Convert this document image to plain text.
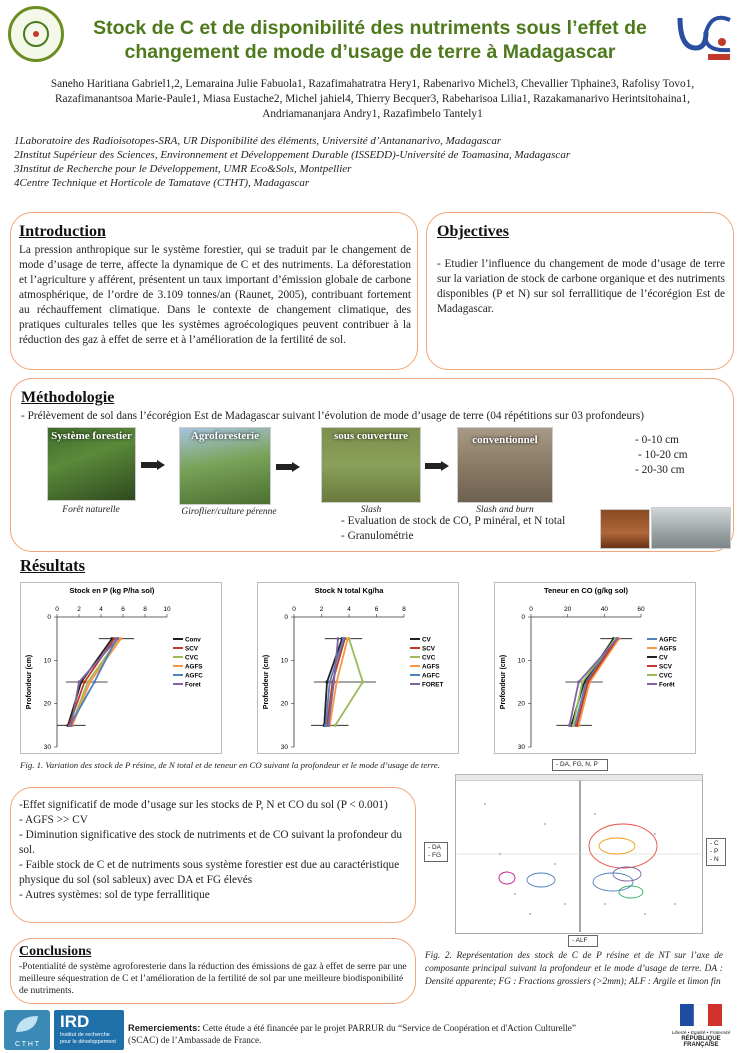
Stock de C et de disponibilité des nutriments sous l’effet de
changement de mode d’usage de terre à Madagascar
Saneho Haritiana Gabriel1,2, Lemaraina Julie Fabuola1, Razafimahatratra Hery1, Rabenarivo Michel3, Chevallier Tiphaine3, Rafolisy Tovo1,
Razafimanantsoa Marie-Paule1, Miasa Eustache2, Michel jahiel4, Thierry Becquer3, Rabeharisoa Lilia1, Razakamanarivo Herintsitohaina1,
Andriamananjara Andry1, Razafimbelo Tantely1
1Laboratoire des Radioisotopes-SRA, UR Disponibilité des éléments, Université d’Antananarivo, Madagascar
2Institut Supérieur des Sciences, Environnement et Développement Durable (ISSEDD)-Université de Toamasina, Madagascar
3Institut de Recherche pour le Développement, UMR Eco&Sols, Montpellier
4Centre Technique et Horticole de Tamatave (CTHT), Madagascar
Introduction
La pression anthropique sur le système forestier, qui se traduit par le changement de mode d’usage de terre, affecte la dynamique de C et des nutriments. La déforestation et l’agriculture y afférent, présentent un taux important d’émission globale de carbone atmosphérique, de l’ordre de 3.109 tonnes/an (Raunet, 2005), contribuant fortement au réchauffement climatique. Dans le contexte de changement climatique, des pratiques culturales telles que les systèmes agroécologiques peuvent contribuer à la réduction des gaz à effet de serre et à l’amélioration de la fertilité de sol.
Objectives
- Etudier l’influence du changement de mode d’usage de terre sur la variation de stock de carbone organique et des nutriments disponibles (P et N) sur sol ferrallitique de l’écorégion Est de Madagascar.
Méthodologie
- Prélèvement de sol dans l’écorégion Est de Madagascar suivant l’évolution de mode d’usage de terre (04 répétitions sur 03 profondeurs)
Système forestier
Forêt naturelle
Agroforesterie
Giroflier/culture pérenne
sous couverture
Slash
conventionnel
Slash and burn
- 0-10 cm
- 10-20 cm
- 20-30 cm
- Evaluation de stock de CO, P minéral, et N total
- Granulométrie
Résultats
Stock en P (kg P/ha sol)
0	2	4	6	8	10
0
10
20
30
Profondeur (cm)
Conv
SCV
CVC
AGFS
AGFC
Foret
Stock N total Kg/ha
0	2	4	6	8
0
10
20
30
Profondeur (cm)
CV
SCV
CVC
AGFS
AGFC
FORET
Teneur en CO (g/kg sol)
0	20	40	60
0
10
20
30
Profondeur (cm)
AGFC
AGFS
CV
SCV
CVC
Forêt
Fig. 1. Variation des stock de P résine, de N total et de teneur en CO suivant la profondeur et le mode d’usage de terre.
-Effet significatif de mode d’usage sur les stocks de P, N et CO du sol (P < 0.001)
- AGFS >> CV
- Diminution significative des stock de nutriments et de CO suivant la profondeur du sol.
- Faible stock de C et de nutriments sous système forestier est due au caractéristique physique du sol (sol sableux) avec DA et FG élevés
- Autres systèmes: sol de type ferrallitique
- DA, FG, N, P
- DA
- FG
- C
- P
- N
- ALF
Fig. 2. Représentation des stock de C de P résine et de NT sur l’axe de composante principal suivant la profondeur et le mode d’usage de terre. DA : Densité apparente; FG : Fractions grossiers (>2mm); ALF : Argile et limon fin
Conclusions
-Potentialité de système agroforesterie dans la réduction des émissions de gaz à effet de serre par une meilleure séquestration de C et l’amélioration de la fertilité de sol par une meilleure biodisponibilité de nutriments.
C T H T
IRD
Institut de recherche pour le développement
Remerciements: Cette étude a été financée par le projet PARRUR du “Service de Coopération et d'Action Culturelle” (SCAC) de l’Ambassade de France.
Liberté • Égalité • Fraternité
RÉPUBLIQUE FRANÇAISE
